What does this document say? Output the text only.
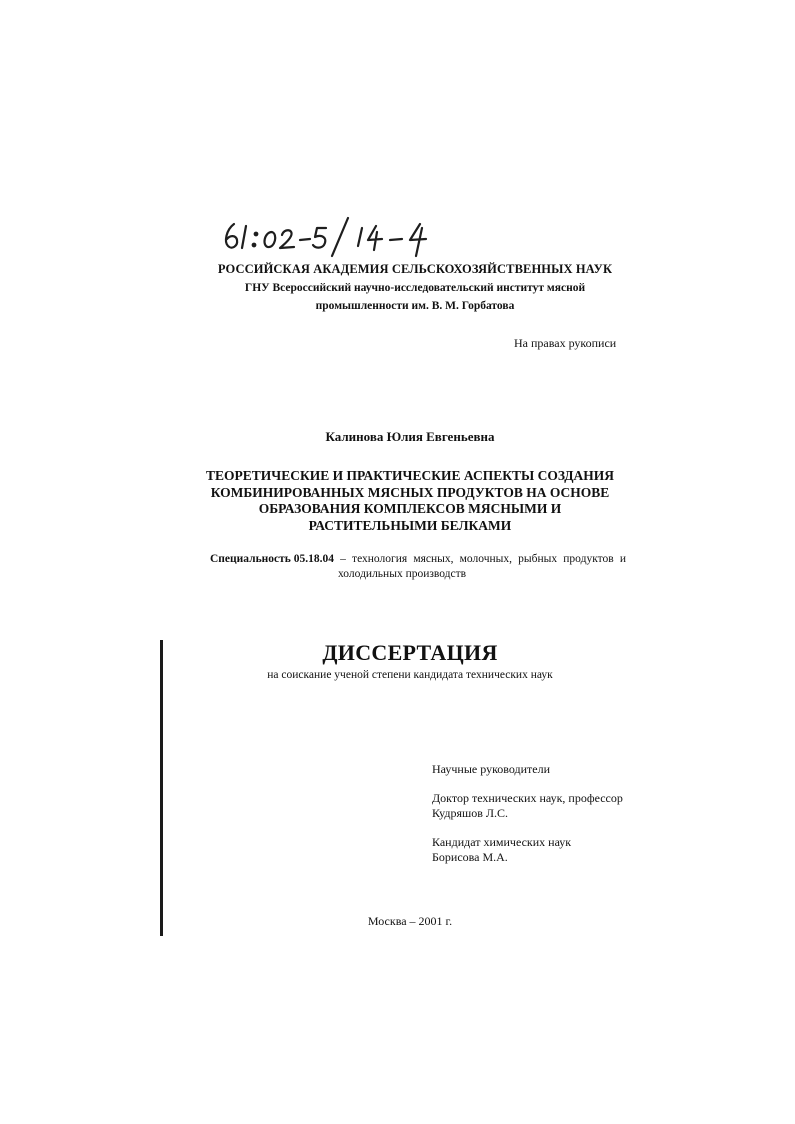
РОССИЙСКАЯ АКАДЕМИЯ СЕЛЬСКОХОЗЯЙСТВЕННЫХ НАУК
ГНУ Всероссийский научно-исследовательский институт мясной
промышленности им. В. М. Горбатова
На правах рукописи
Калинова Юлия Евгеньевна
ТЕОРЕТИЧЕСКИЕ И ПРАКТИЧЕСКИЕ АСПЕКТЫ СОЗДАНИЯ
КОМБИНИРОВАННЫХ МЯСНЫХ ПРОДУКТОВ НА ОСНОВЕ
ОБРАЗОВАНИЯ КОМПЛЕКСОВ МЯСНЫМИ И
РАСТИТЕЛЬНЫМИ БЕЛКАМИ
Специальность 05.18.04 – технология мясных, молочных, рыбных продуктов и
холодильных производств
ДИССЕРТАЦИЯ
на соискание ученой степени кандидата технических наук
Научные руководители
Доктор технических наук, профессор
Кудряшов Л.С.
Кандидат химических наук
Борисова М.А.
Москва – 2001 г.
